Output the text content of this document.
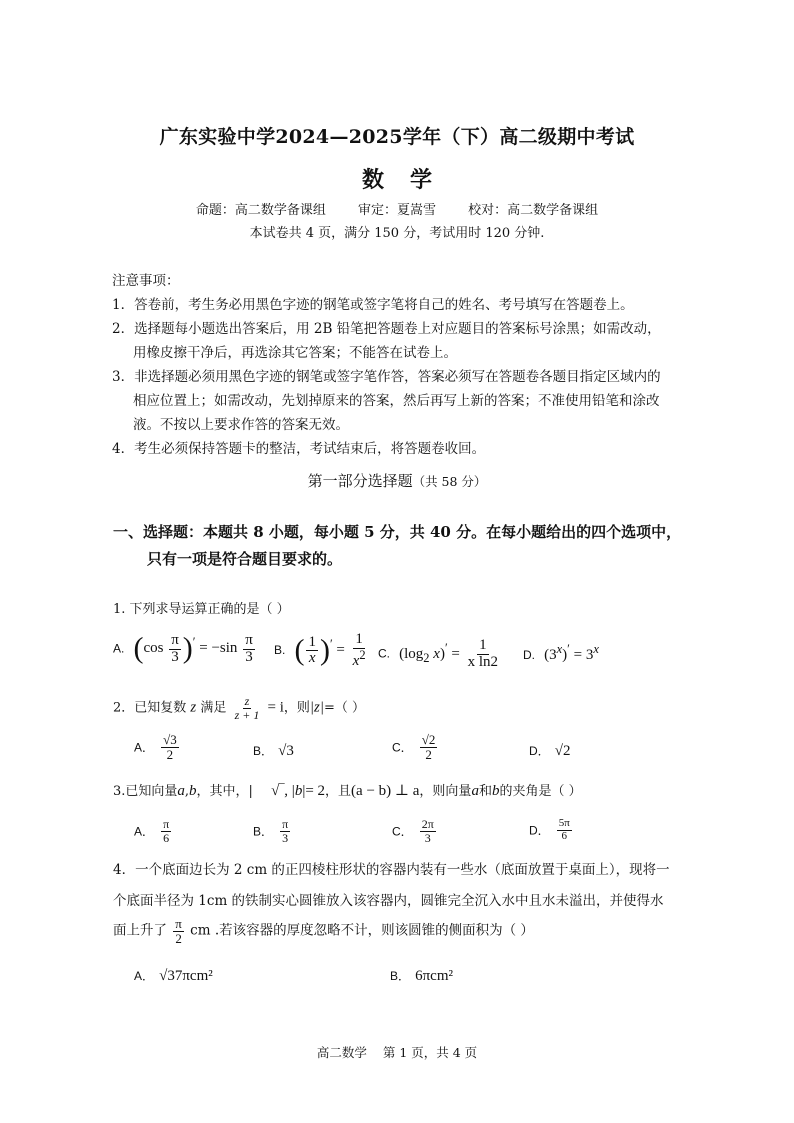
广东实验中学2024—2025学年（下）高二级期中考试
数学
命题：高二数学备课组 审定：夏嵩雪 校对：高二数学备课组
本试卷共 4 页，满分 150 分，考试用时 120 分钟.
注意事项：
1．答卷前，考生务必用黑色字迹的钢笔或签字笔将自己的姓名、考号填写在答题卷上。
2．选择题每小题选出答案后，用 2B 铅笔把答题卷上对应题目的答案标号涂黑；如需改动，
用橡皮擦干净后，再选涂其它答案；不能答在试卷上。
3．非选择题必须用黑色字迹的钢笔或签字笔作答，答案必须写在答题卷各题目指定区域内的
相应位置上；如需改动，先划掉原来的答案，然后再写上新的答案；不准使用铅笔和涂改
液。不按以上要求作答的答案无效。
4．考生必须保持答题卡的整洁，考试结束后，将答题卷收回。
第一部分选择题（共 58 分）
一、选择题：本题共 8 小题，每小题 5 分，共 40 分。在每小题给出的四个选项中，
只有一项是符合题目要求的。
1. 下列求导运算正确的是（ ）
A. $(\cos \frac{\pi}{3} )' = -\sin \frac{\pi}{3} B$. ( $\frac{1}{x} )' = \frac{1}{x^2} C$. ($\log_2$ $x)' = \frac{1}{\text{x ln2}} D$. $(3^x)' = 3^x$
2．已知复数 z 满足 $\frac{z}{z + 1} = i$，则|z|=（ ）
A． $\frac{√3}{2}$	B． √3	C． $\frac{√2}{2}$	D． √2
3.已知向量a,b，其中，| √‾, |b|= 2，且(a − b) ⊥ a，则向量a和b的夹角是（ ）
A． $\frac{\pi}{6}$	B． $\frac{\pi}{3}$	C． $\frac{2\pi}{3}$	D． $\frac{5\pi}{6}$
4．一个底面边长为 2 cm 的正四棱柱形状的容器内装有一些水（底面放置于桌面上），现将一
个底面半径为 1cm 的铁制实心圆锥放入该容器内，圆锥完全沉入水中且水未溢出，并使得水
面上升了 $\frac{\pi}{2}$ cm .若该容器的厚度忽略不计，则该圆锥的侧面积为（ ）
A． √37πcm²	B． 6πcm²
高二数学 第 1 页，共 4 页
